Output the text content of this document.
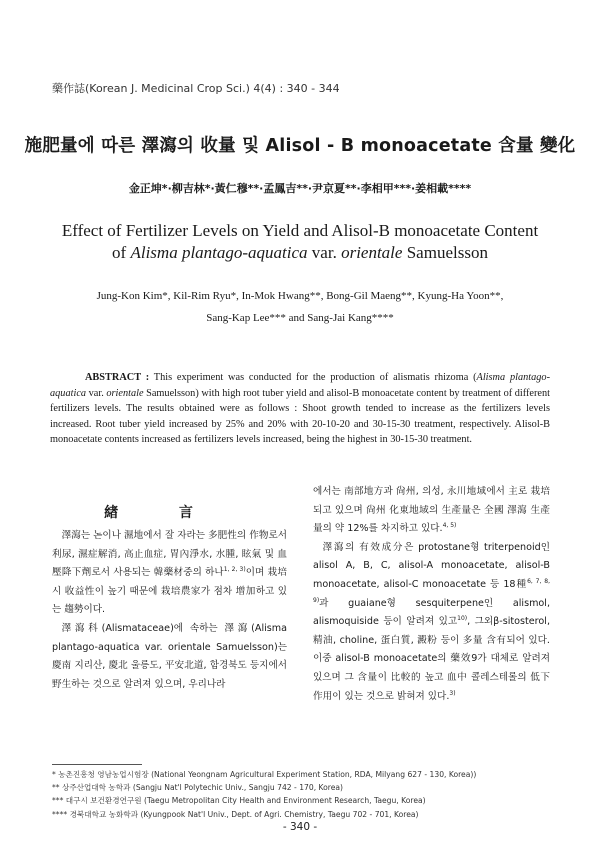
藥作誌(Korean J. Medicinal Crop Sci.) 4(4) : 340 - 344
施肥量에 따른 澤瀉의 收量 및 Alisol - B monoacetate 含量 變化
金正坤*·柳吉林*·黃仁穆**·孟鳳吉**·尹京夏**·李相甲***·姜相載****
Effect of Fertilizer Levels on Yield and Alisol-B monoacetate Content
of Alisma plantago-aquatica var. orientale Samuelsson
Jung-Kon Kim*, Kil-Rim Ryu*, In-Mok Hwang**, Bong-Gil Maeng**, Kyung-Ha Yoon**,
Sang-Kap Lee*** and Sang-Jai Kang****
ABSTRACT : This experiment was conducted for the production of alismatis rhizoma (Alisma plantago-aquatica var. orientale Samuelsson) with high root tuber yield and alisol-B monoacetate content by treatment of different fertilizers levels. The results obtained were as follows : Shoot growth tended to increase as the fertilizers levels increased. Root tuber yield increased by 25% and 20% with 20-10-20 and 30-15-30 treatment, respectively. Alisol-B monoacetate contents increased as fertilizers levels increased, being the highest in 30-15-30 treatment.
緖 言

澤瀉는 논이나 濕地에서 잘 자라는 多肥性의 作物로서 利尿, 濕症解消, 高止血症, 胃內淨水, 水腫, 眩氣 및 血壓降下劑로서 사용되는 韓藥材중의 하나$^{1, 2, 3)}$이며 栽培시 收益性이 높기 때문에 栽培農家가 점차 增加하고 있는 趨勢이다.

澤瀉科(Alismataceae)에 속하는 澤瀉(Alisma plantago-aquatica var. orientale Samuelsson)는 慶南 지리산, 慶北 울릉도, 平安北道, 함경북도 등지에서 野生하는 것으로 알려져 있으며, 우리나라

에서는 南部地方과 尙州, 의성, 永川地域에서 主로 栽培되고 있으며 尙州 化東地域의 生產量은 全國 澤瀉 生產量의 약 12%를 차지하고 있다.$^{4, 5)}$

澤瀉의 有效成分은 protostane형 triterpenoid인 alisol A, B, C, alisol-A monoacetate, alisol-B monoacetate, alisol-C monoacetate 등 18種$^{6, 7, 8, 9)}$과 guaiane형 sesquiterpene인 alismol, alismoquiside 등이 알려져 있고$^{10)}$, 그외β-sitosterol, 精油, choline, 蛋白質, 澱粉 등이 多量 含有되어 있다. 이중 alisol-B monoacetate의 藥效9가 대체로 알려져 있으며 그 含量이 比較的 높고 血中 콜레스테롤의 低下作用이 있는 것으로 밝혀져 있다.$^{3)}$

* 농촌진흥청 영남농업시험장 (National Yeongnam Agricultural Experiment Station, RDA, Milyang 627 - 130, Korea))
** 상주산업대학 농학과 (Sangju Nat'l Polytechic Univ., Sangju 742 - 170, Korea)
*** 대구시 보건환경연구원 (Taegu Metropolitan City Health and Environment Research, Taegu, Korea)
**** 경북대학교 농화학과 (Kyungpook Nat'l Univ., Dept. of Agri. Chemistry, Taegu 702 - 701, Korea)
- 340 -
